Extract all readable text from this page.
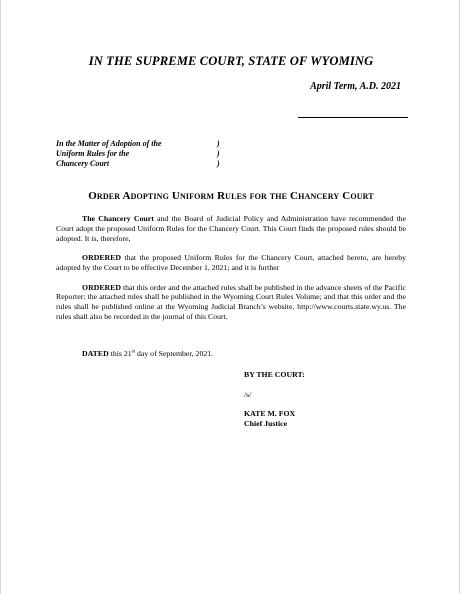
IN THE SUPREME COURT, STATE OF WYOMING
April Term, A.D. 2021
In the Matter of Adoption of the	)
Uniform Rules for the	)
Chancery Court	)
Order Adopting Uniform Rules for the Chancery Court

The Chancery Court and the Board of Judicial Policy and Administration have recommended the Court adopt the proposed Uniform Rules for the Chancery Court. This Court finds the proposed rules should be adopted. It is, therefore,

ORDERED that the proposed Uniform Rules for the Chancery Court, attached hereto, are hereby adopted by the Court to be effective December 1, 2021; and it is further

ORDERED that this order and the attached rules shall be published in the advance sheets of the Pacific Reporter; the attached rules shall be published in the Wyoming Court Rules Volume; and that this order and the rules shall be published online at the Wyoming Judicial Branch’s website, http://www.courts.state.wy.us. The rules shall also be recorded in the journal of this Court.

DATED this 21st day of September, 2021.
BY THE COURT:
/s/
KATE M. FOX
Chief Justice
